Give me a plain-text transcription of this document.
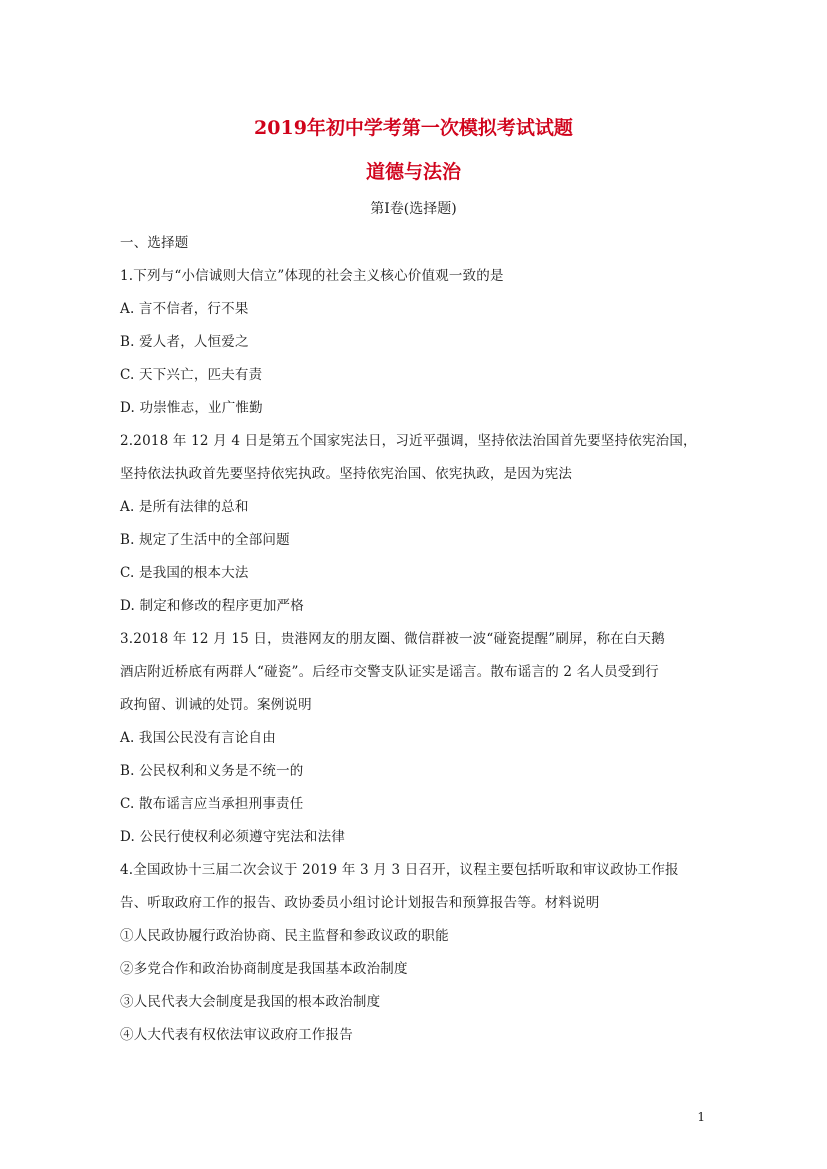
2019年初中学考第一次模拟考试试题
道德与法治
第Ⅰ卷(选择题)
一、选择题
1.下列与“小信诚则大信立”体现的社会主义核心价值观一致的是
A. 言不信者，行不果
B. 爱人者，人恒爱之
C. 天下兴亡，匹夫有责
D. 功崇惟志，业广惟勤
2.2018 年 12 月 4 日是第五个国家宪法日，习近平强调，坚持依法治国首先要坚持依宪治国，
坚持依法执政首先要坚持依宪执政。坚持依宪治国、依宪执政，是因为宪法
A. 是所有法律的总和
B. 规定了生活中的全部问题
C. 是我国的根本大法
D. 制定和修改的程序更加严格
3.2018 年 12 月 15 日，贵港网友的朋友圈、微信群被一波“碰瓷提醒”刷屏，称在白天鹅
酒店附近桥底有两群人“碰瓷”。后经市交警支队证实是谣言。散布谣言的 2 名人员受到行
政拘留、训诫的处罚。案例说明
A. 我国公民没有言论自由
B. 公民权利和义务是不统一的
C. 散布谣言应当承担刑事责任
D. 公民行使权利必须遵守宪法和法律
4.全国政协十三届二次会议于 2019 年 3 月 3 日召开，议程主要包括听取和审议政协工作报
告、听取政府工作的报告、政协委员小组讨论计划报告和预算报告等。材料说明
①人民政协履行政治协商、民主监督和参政议政的职能
②多党合作和政治协商制度是我国基本政治制度
③人民代表大会制度是我国的根本政治制度
④人大代表有权依法审议政府工作报告
1
